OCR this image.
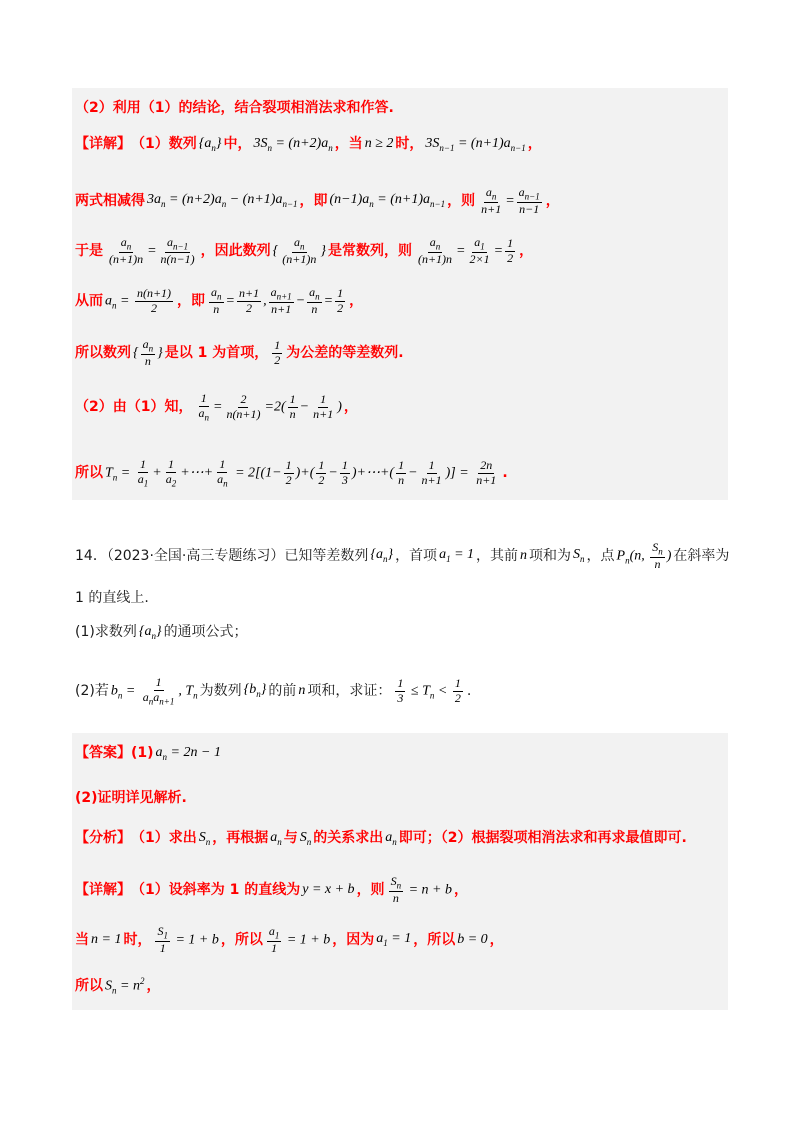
（2）利用（1）的结论，结合裂项相消法求和作答.
【详解】 （1）数列 $\{a_n\}$ 中， $3S_n = (n+2)a_n$ ，当 n ≥ 2 时， $3S_{n-1} = (n+1)a_{n-1}$ ，
两式相减得 $3a_n = (n+2)a_n - (n+1)a_{n-1}$ ，即 $(n-1)a_n = (n+1)a_{n-1}$ ，则 $\frac{a_n}{n+1} = \frac{a_{n-1}}{n-1}$ ，
于是 $\frac{a_n}{(n+1)n} = \frac{a_{n-1}}{n(n-1)}$ ，因此数列 { $\frac{a_n}{(n+1)n}$ } 是常数列，则 $\frac{a_n}{(n+1)n} = \frac{a_1}{2\times 1} = \frac{1}{2}$ ，
从而 $a_n = \frac{n(n+1)}{2}$ ，即 $\frac{a_n}{n} = \frac{n+1}{2}$ , $\frac{a_{n+1}}{n+1} - \frac{a_n}{n} = \frac{1}{2}$ ，
所以数列 { $\frac{a_n}{n}$ } 是以 1 为首项， $\frac{1}{2}$ 为公差的等差数列.
（2）由（1）知， $\frac{1}{a_n} = \frac{2}{n(n+1)} =2( \frac{1}{n} - \frac{1}{n+1}$ ) ，
所以 $T_n = \frac{1}{a_1} + \frac{1}{a_2}$ +⋯+ $\frac{1}{a_n} = 2[(1- \frac{1}{2}$ )+( $\frac{1}{2} - \frac{1}{3}$ )+⋯+( $\frac{1}{n} - \frac{1}{n+1}$ )] = $\frac{2n}{n+1}$ .
14．（2023·全国·高三专题练习）已知等差数列 $\{a_n\}$ ，首项 $a_1 = 1$ ，其前 n 项和为 $S_n$ ，点 $P_n(n$, $\frac{S_n}{n}$ ) 在斜率为
1 的直线上.
(1)求数列 $\{a_n\}$ 的通项公式；
(2)若 $b_n = \frac{1}{a_na_{n+1}}$ , $T_n$ 为数列 $\{b_n\}$ 的前 n 项和，求证： $\frac{1}{3} \le T_n < \frac{1}{2}$ .
【答案】 (1) $a_n = 2n - 1$
(2)证明详见解析.
【分析】 （1）求出 $S_n$ ，再根据 $a_n$ 与 $S_n$ 的关系求出 $a_n$ 即可；（2）根据裂项相消法求和再求最值即可.
【详解】 （1）设斜率为 1 的直线为 y = x + b ，则 $\frac{S_n}{n} = n + b$ ，
当 n = 1 时， $\frac{S_1}{1} = 1 + b$ ，所以 $\frac{a_1}{1} = 1 + b$ ，因为 $a_1 = 1$ ，所以 b = 0 ，
所以 $S_n = n^2$ ，
